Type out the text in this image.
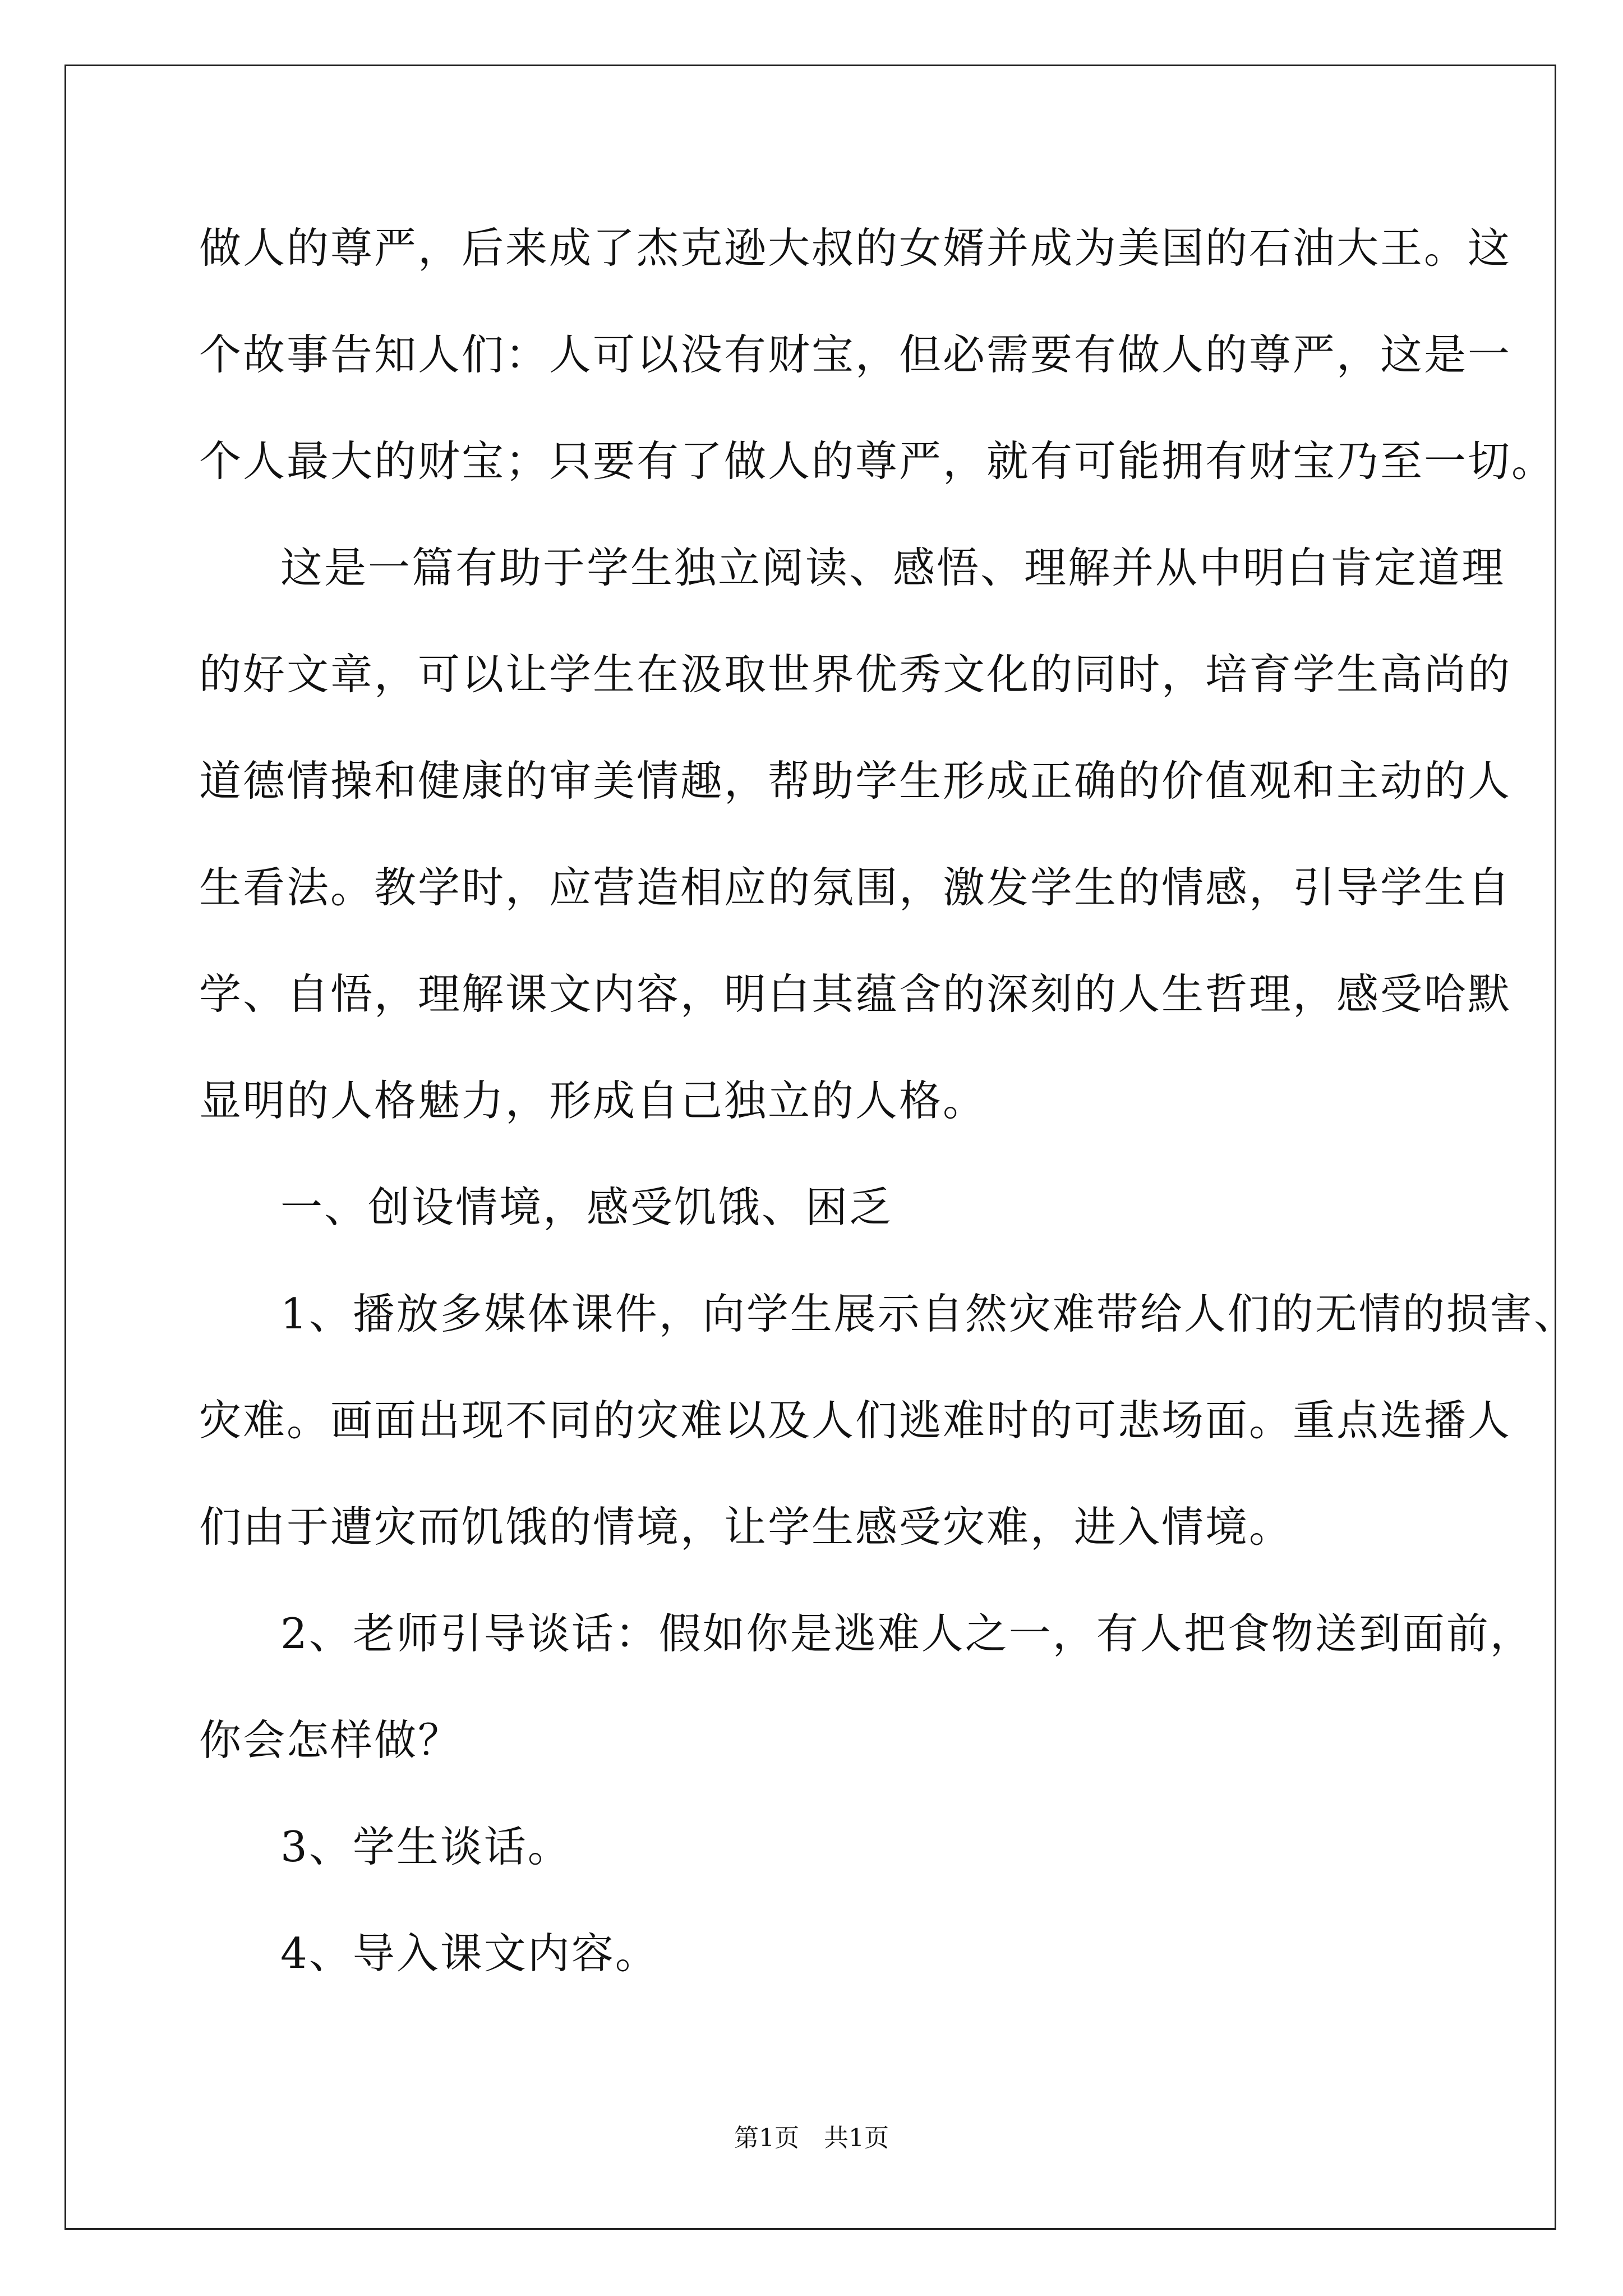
做人的尊严，后来成了杰克逊大叔的女婿并成为美国的石油大王。这

个故事告知人们：人可以没有财宝，但必需要有做人的尊严，这是一

个人最大的财宝；只要有了做人的尊严，就有可能拥有财宝乃至一切。

这是一篇有助于学生独立阅读、感悟、理解并从中明白肯定道理

的好文章，可以让学生在汲取世界优秀文化的同时，培育学生高尚的

道德情操和健康的审美情趣，帮助学生形成正确的价值观和主动的人

生看法。教学时，应营造相应的氛围，激发学生的情感，引导学生自

学、自悟，理解课文内容，明白其蕴含的深刻的人生哲理，感受哈默

显明的人格魅力，形成自己独立的人格。

一、创设情境，感受饥饿、困乏

1、播放多媒体课件，向学生展示自然灾难带给人们的无情的损害、

灾难。画面出现不同的灾难以及人们逃难时的可悲场面。重点选播人

们由于遭灾而饥饿的情境，让学生感受灾难，进入情境。

2、老师引导谈话：假如你是逃难人之一，有人把食物送到面前，

你会怎样做？

3、学生谈话。

4、导入课文内容。

第1页　共1页
